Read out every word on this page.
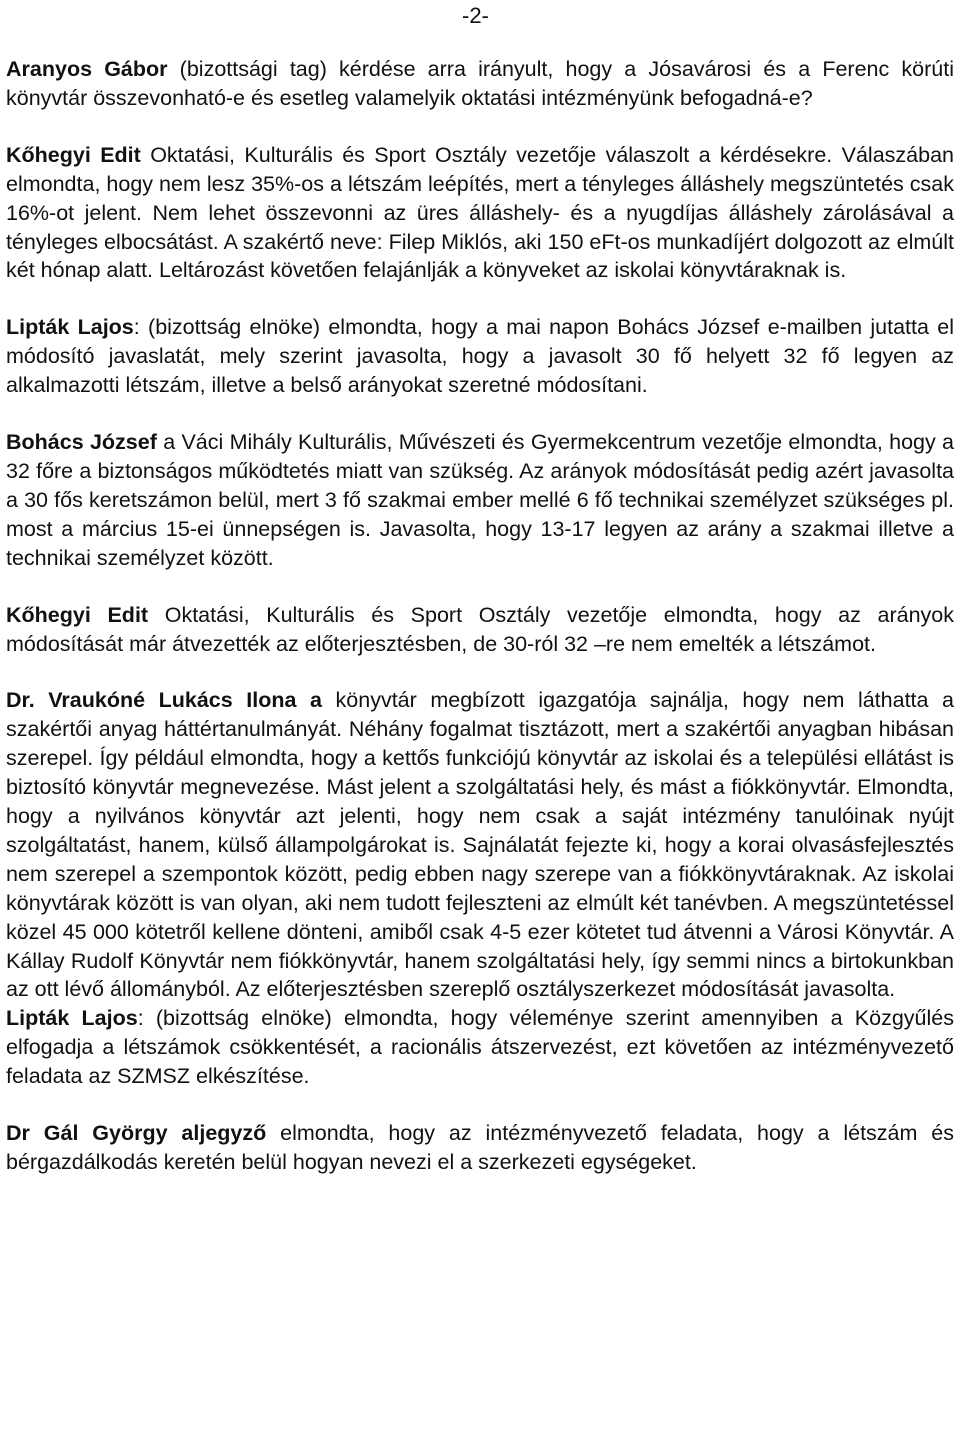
-2-

Aranyos Gábor (bizottsági tag) kérdése arra irányult, hogy a Jósavárosi és a Ferenc körúti könyvtár összevonható-e és esetleg valamelyik oktatási intézményünk befogadná-e?

Kőhegyi Edit Oktatási, Kulturális és Sport Osztály vezetője válaszolt a kérdésekre. Válaszában elmondta, hogy nem lesz 35%-os a létszám leépítés, mert a tényleges álláshely megszüntetés csak 16%-ot jelent. Nem lehet összevonni az üres álláshely- és a nyugdíjas álláshely zárolásával a tényleges elbocsátást. A szakértő neve: Filep Miklós, aki 150 eFt-os munkadíjért dolgozott az elmúlt két hónap alatt. Leltározást követően felajánlják a könyveket az iskolai könyvtáraknak is.

Lipták Lajos: (bizottság elnöke) elmondta, hogy a mai napon Bohács József e-mailben jutatta el módosító javaslatát, mely szerint javasolta, hogy a javasolt 30 fő helyett 32 fő legyen az alkalmazotti létszám, illetve a belső arányokat szeretné módosítani.

Bohács József a Váci Mihály Kulturális, Művészeti és Gyermekcentrum vezetője elmondta, hogy a 32 főre a biztonságos működtetés miatt van szükség. Az arányok módosítását pedig azért javasolta a 30 fős keretszámon belül, mert 3 fő szakmai ember mellé 6 fő technikai személyzet szükséges pl. most a március 15-ei ünnepségen is. Javasolta, hogy 13-17 legyen az arány a szakmai illetve a technikai személyzet között.

Kőhegyi Edit Oktatási, Kulturális és Sport Osztály vezetője elmondta, hogy az arányok módosítását már átvezették az előterjesztésben, de 30-ról 32 –re nem emelték a létszámot.

Dr. Vraukóné Lukács Ilona a könyvtár megbízott igazgatója sajnálja, hogy nem láthatta a szakértői anyag háttértanulmányát. Néhány fogalmat tisztázott, mert a szakértői anyagban hibásan szerepel. Így például elmondta, hogy a kettős funkciójú könyvtár az iskolai és a települési ellátást is biztosító könyvtár megnevezése. Mást jelent a szolgáltatási hely, és mást a fiókkönyvtár. Elmondta, hogy a nyilvános könyvtár azt jelenti, hogy nem csak a saját intézmény tanulóinak nyújt szolgáltatást, hanem, külső állampolgárokat is. Sajnálatát fejezte ki, hogy a korai olvasásfejlesztés nem szerepel a szempontok között, pedig ebben nagy szerepe van a fiókkönyvtáraknak. Az iskolai könyvtárak között is van olyan, aki nem tudott fejleszteni az elmúlt két tanévben. A megszüntetéssel közel 45 000 kötetről kellene dönteni, amiből csak 4-5 ezer kötetet tud átvenni a Városi Könyvtár. A Kállay Rudolf Könyvtár nem fiókkönyvtár, hanem szolgáltatási hely, így semmi nincs a birtokunkban az ott lévő állományból. Az előterjesztésben szereplő osztályszerkezet módosítását javasolta.

Lipták Lajos: (bizottság elnöke) elmondta, hogy véleménye szerint amennyiben a Közgyűlés elfogadja a létszámok csökkentését, a racionális átszervezést, ezt követően az intézményvezető feladata az SZMSZ elkészítése.

Dr Gál György aljegyző elmondta, hogy az intézményvezető feladata, hogy a létszám és bérgazdálkodás keretén belül hogyan nevezi el a szerkezeti egységeket.
